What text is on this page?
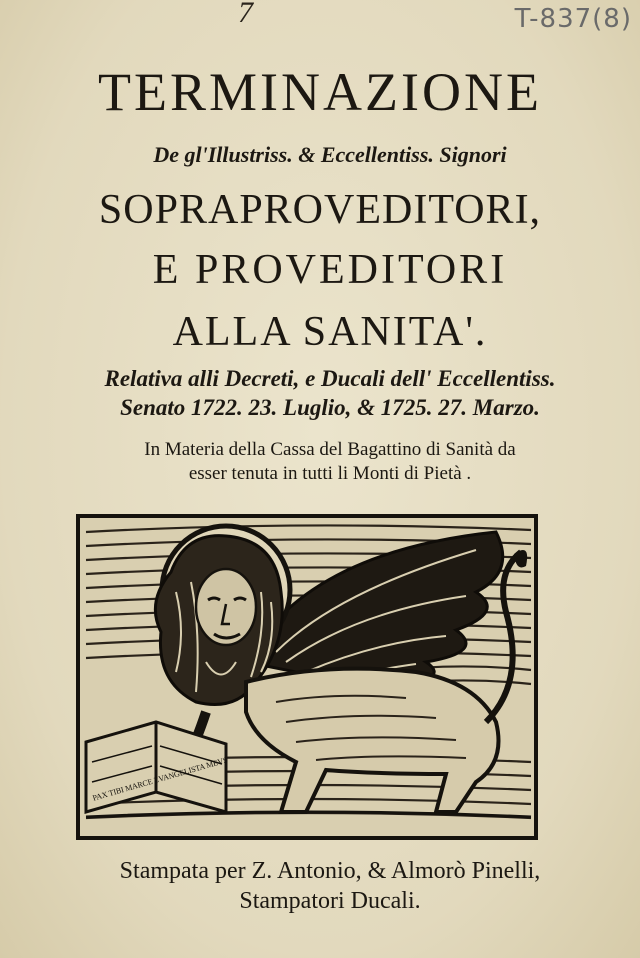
7	T-837(8)
TERMINAZIONE
De gl'Illustriss. & Eccellentiss. Signori
SOPRAPROVEDITORI,
E PROVEDITORI
ALLA SANITA'.
Relativa alli Decreti, e Ducali dell' Eccellentiss.
Senato 1722. 23. Luglio, & 1725. 27. Marzo.
In Materia della Cassa del Bagattino di Sanità da
esser tenuta in tutti li Monti di Pietà .
PAX TIBI MARCE EVANGELISTA MEVS
Stampata per Z. Antonio, & Almorò Pinelli,
Stampatori Ducali.
